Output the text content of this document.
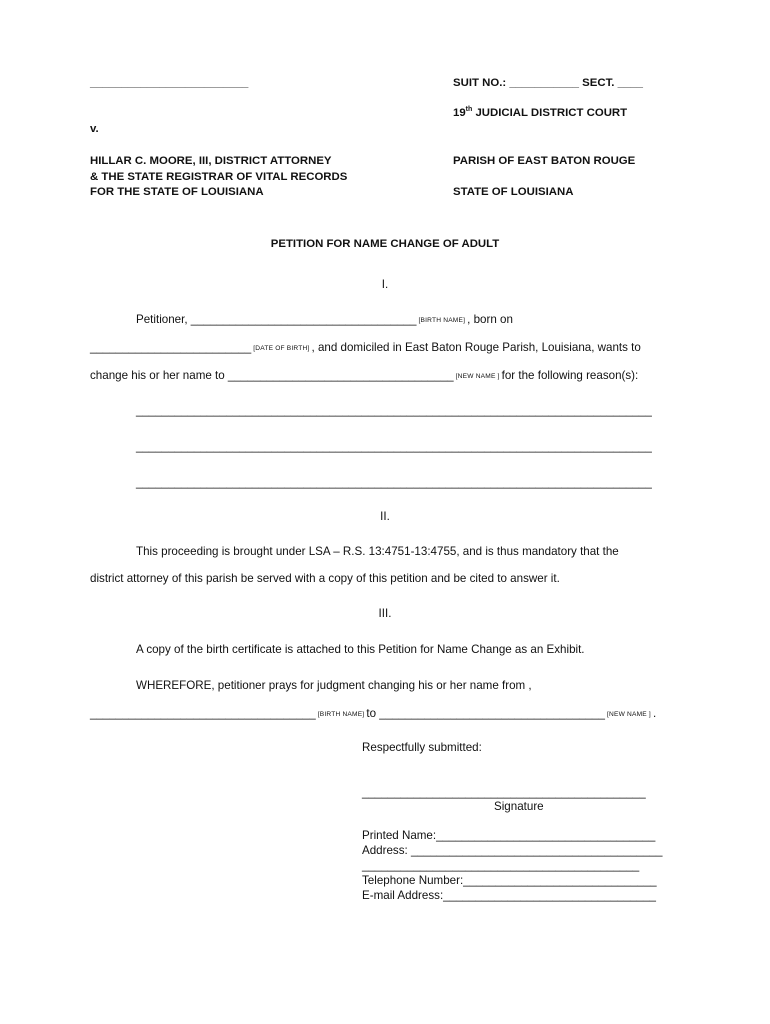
_________________________	SUIT NO.: ___________ SECT. ____
19th JUDICIAL DISTRICT COURT
v.
HILLAR C. MOORE, III, DISTRICT ATTORNEY
& THE STATE REGISTRAR OF VITAL RECORDS
FOR THE STATE OF LOUISIANA
PARISH OF EAST BATON ROUGE
STATE OF LOUISIANA
PETITION FOR NAME CHANGE OF ADULT
I.
Petitioner, ___________________________________ [BIRTH NAME] , born on
_________________________ [DATE OF BIRTH] , and domiciled in East Baton Rouge Parish, Louisiana, wants to
change his or her name to ___________________________________ [NEW NAME ] for the following reason(s):
________________________________________________________________________________
________________________________________________________________________________
________________________________________________________________________________
II.
This proceeding is brought under LSA – R.S. 13:4751-13:4755, and is thus mandatory that the
district attorney of this parish be served with a copy of this petition and be cited to answer it.
III.
A copy of the birth certificate is attached to this Petition for Name Change as an Exhibit.
WHEREFORE, petitioner prays for judgment changing his or her name from ,
___________________________________ [BIRTH NAME] to ___________________________________ [NEW NAME ] .
Respectfully submitted:
____________________________________________
Signature
Printed Name:__________________________________
Address: _______________________________________
___________________________________________
Telephone Number:______________________________
E-mail Address:_________________________________
